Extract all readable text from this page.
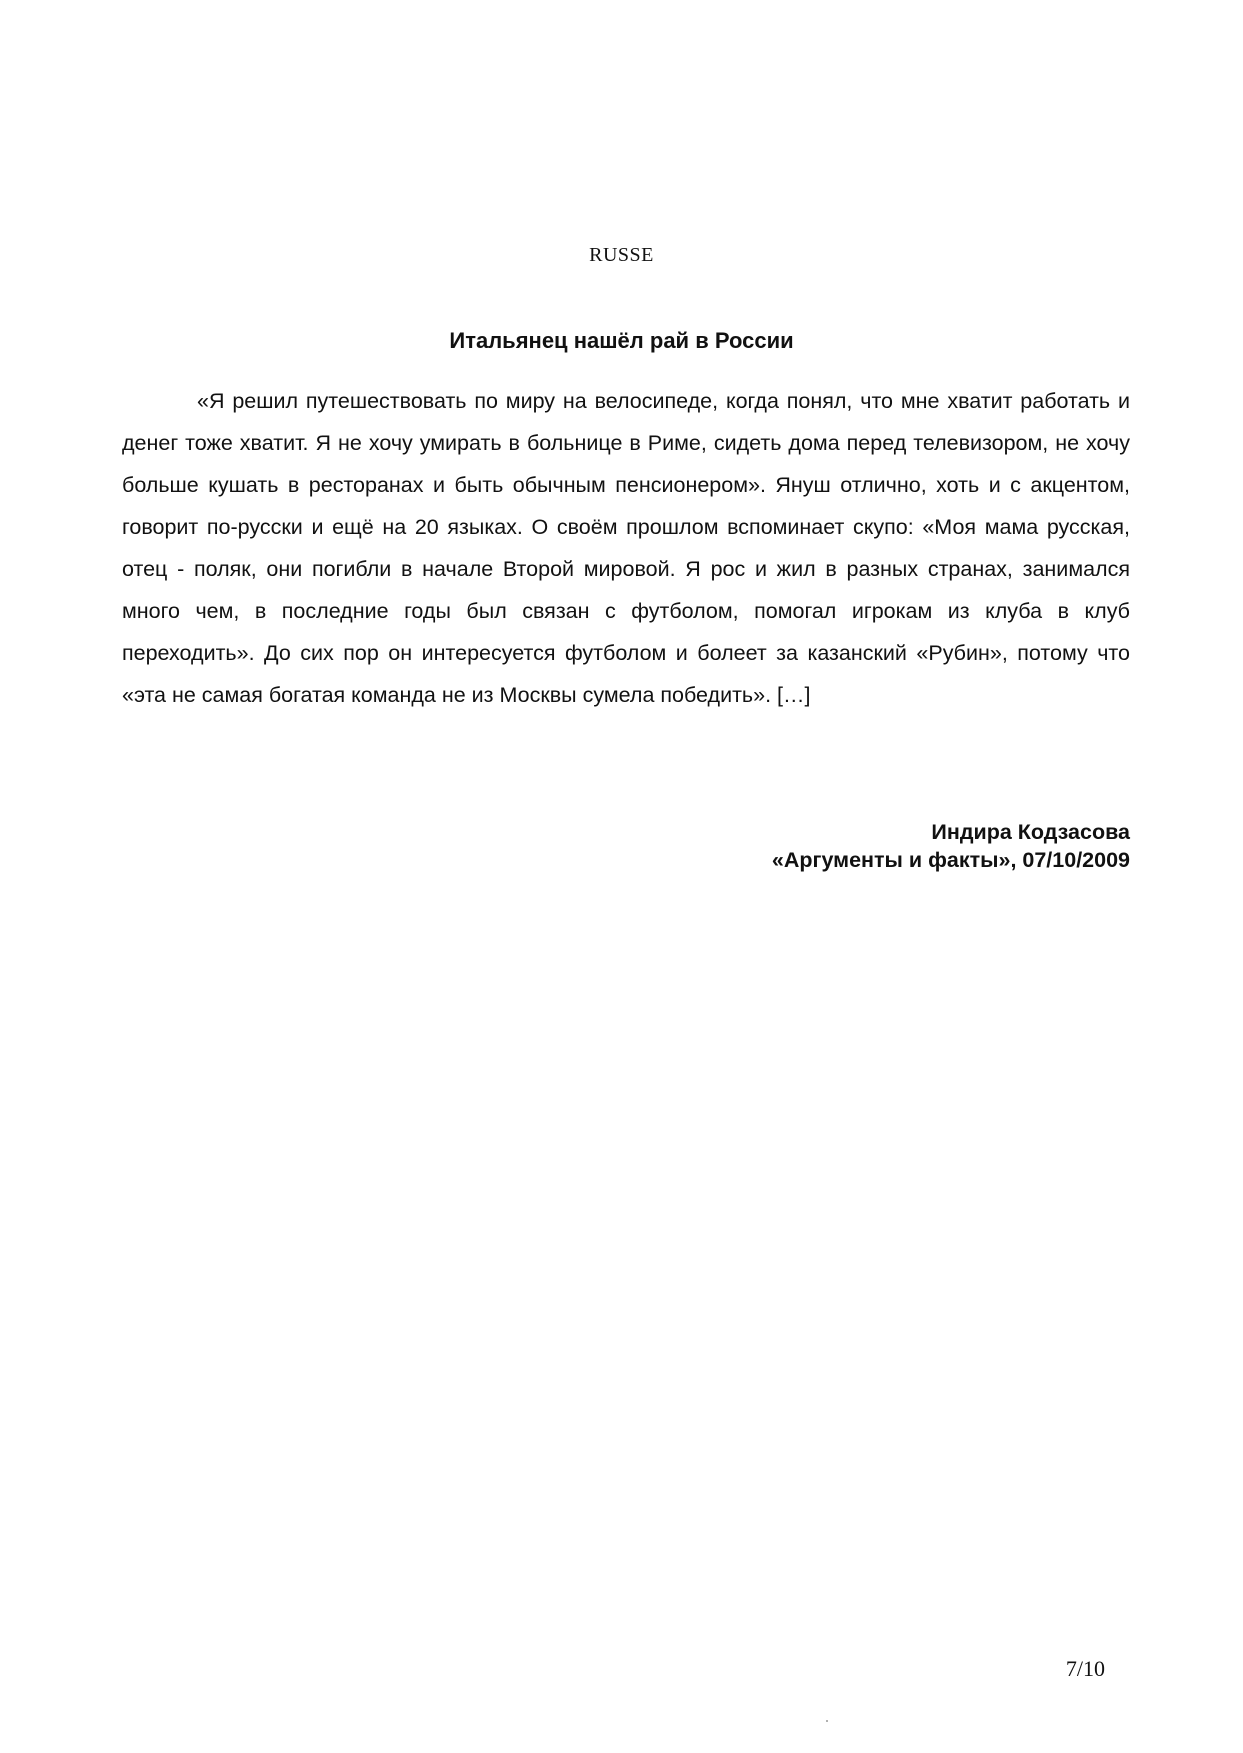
RUSSE
Итальянец нашёл рай в России

«Я решил путешествовать по миру на велосипеде, когда понял, что мне хватит работать и денег тоже хватит. Я не хочу умирать в больнице в Риме, сидеть дома перед телевизором, не хочу больше кушать в ресторанах и быть обычным пенсионером». Януш отлично, хоть и с акцентом, говорит по-русски и ещё на 20 языках. О своём прошлом вспоминает скупо: «Моя мама русская, отец - поляк, они погибли в начале Второй мировой. Я рос и жил в разных странах, занимался много чем, в последние годы был связан с футболом, помогал игрокам из клуба в клуб переходить». До сих пор он интересуется футболом и болеет за казанский «Рубин», потому что «эта не самая богатая команда не из Москвы сумела победить». […]

Индира Кодзасова
«Аргументы и факты», 07/10/2009
7/10
